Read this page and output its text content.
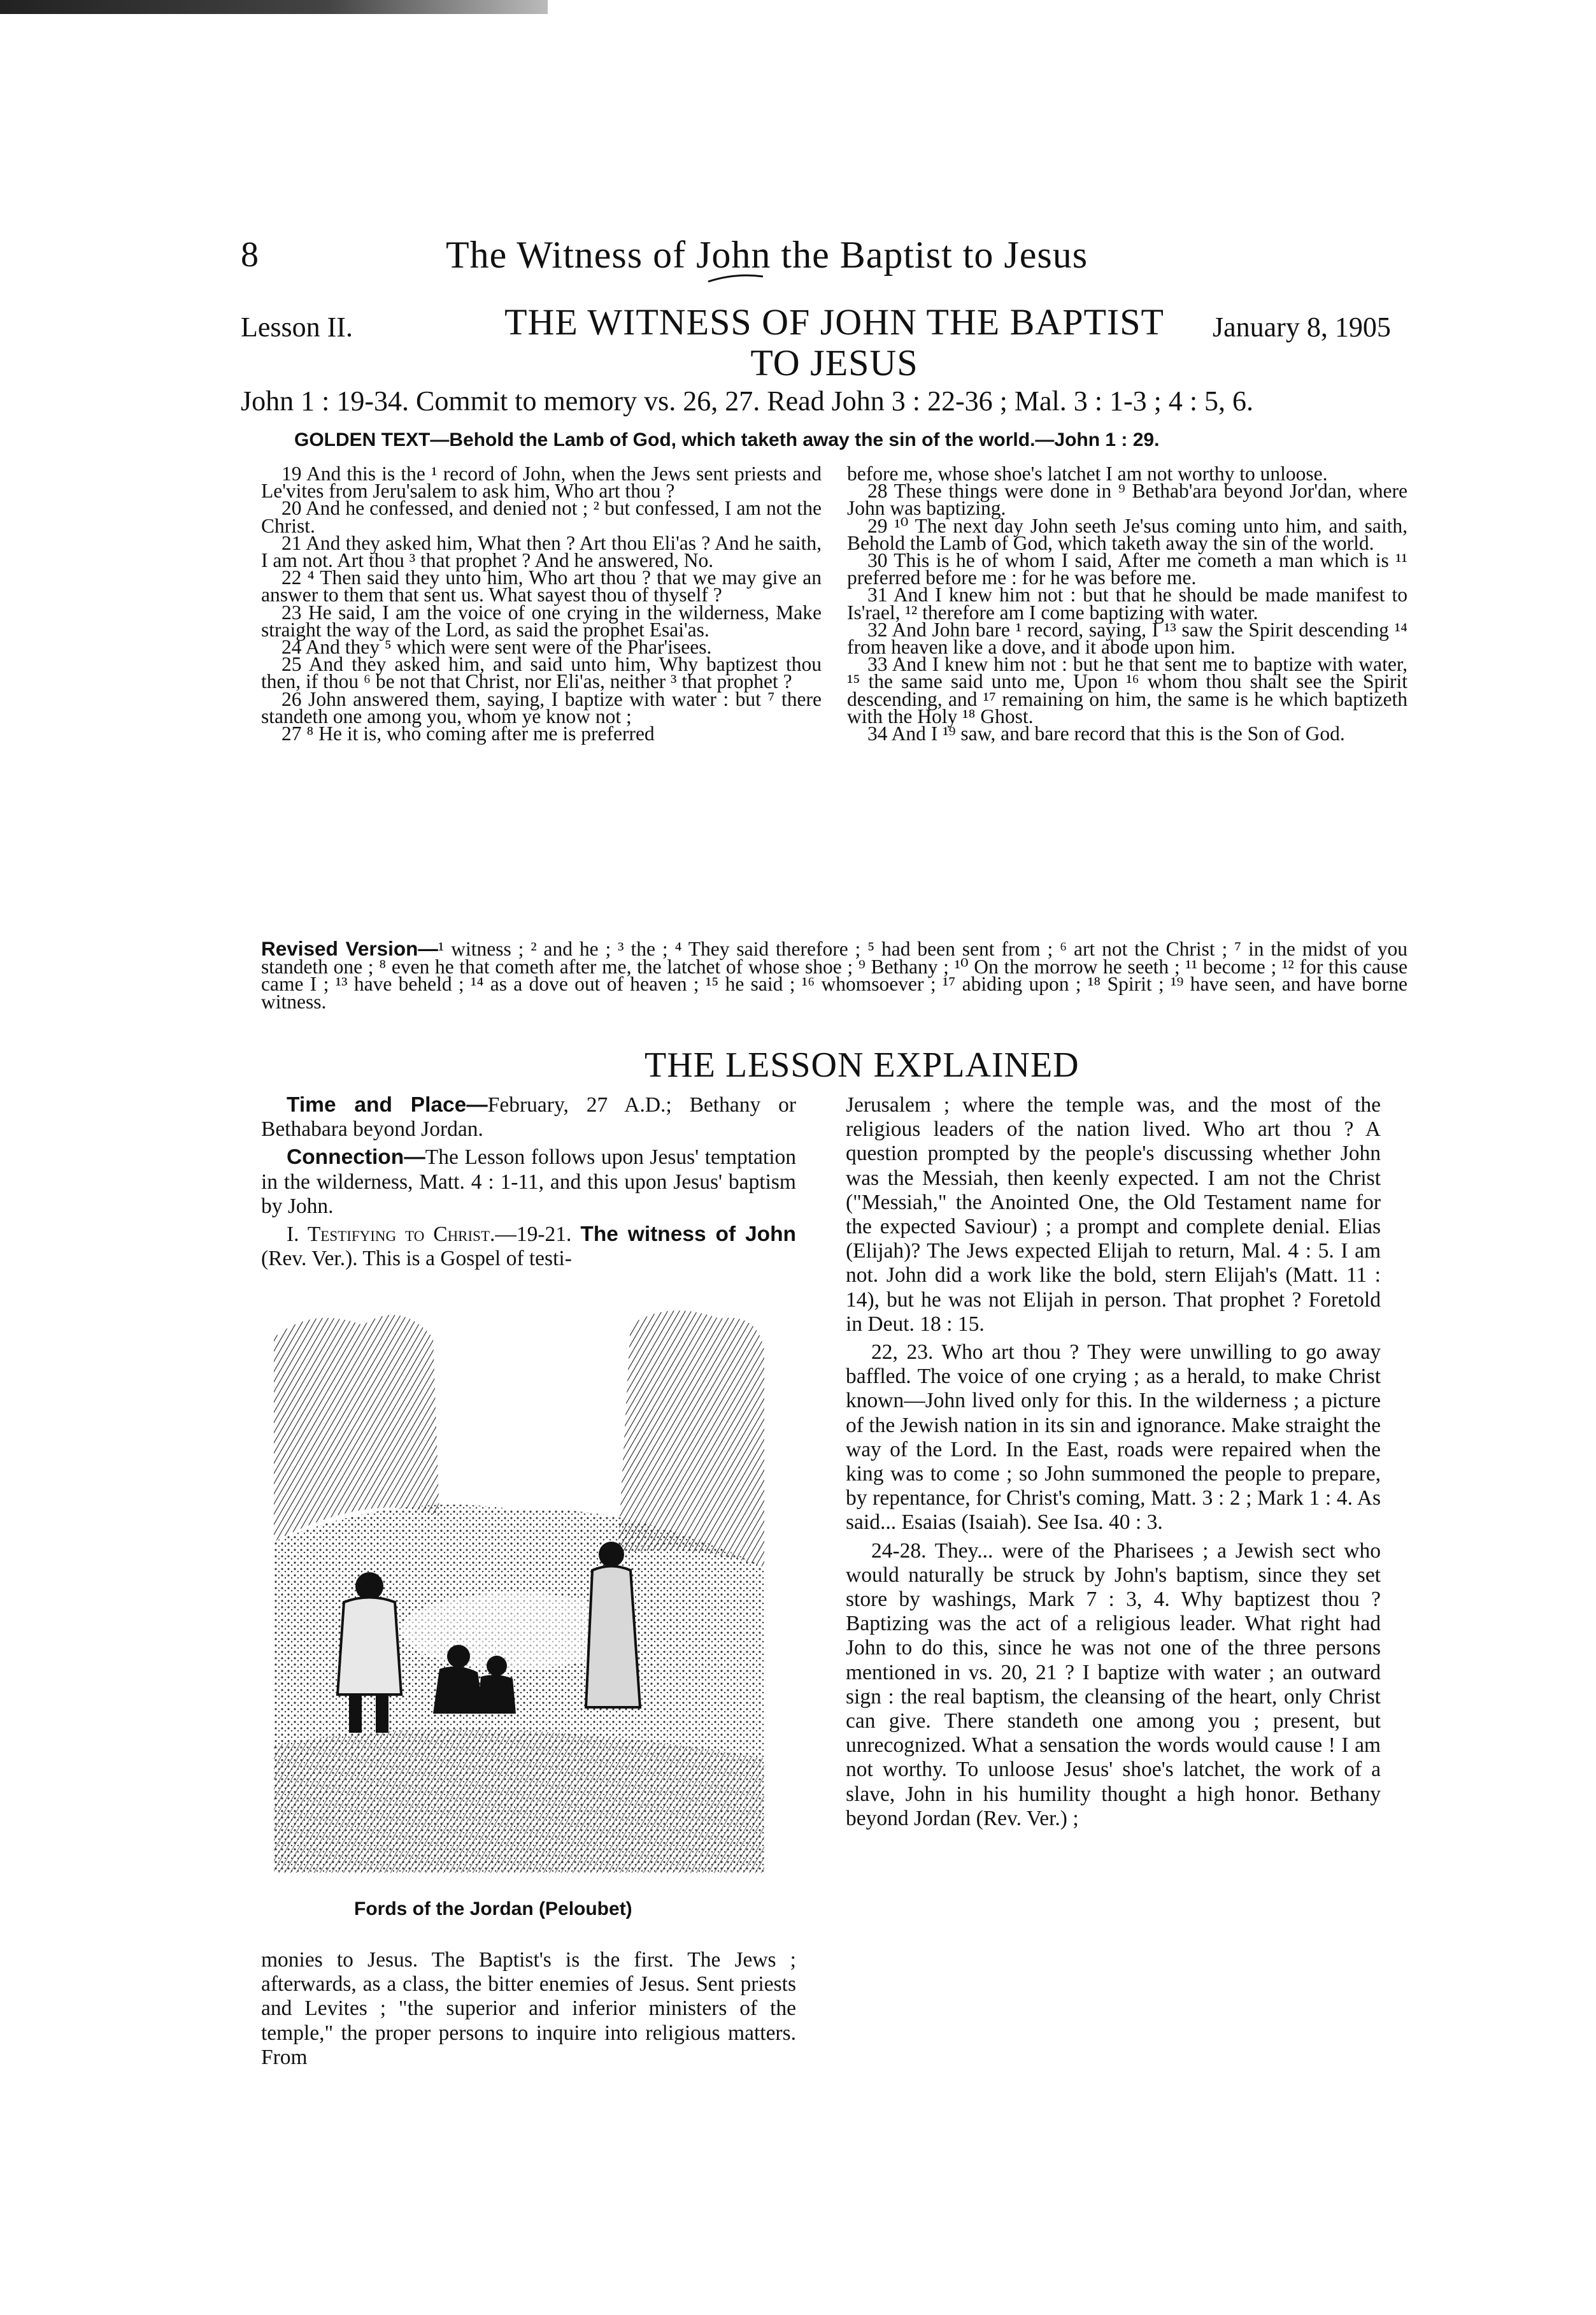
8	The Witness of John the Baptist to Jesus
Lesson II.	THE WITNESS OF JOHN THE BAPTIST TO JESUS
January 8, 1905
John 1 : 19-34. Commit to memory vs. 26, 27. Read John 3 : 22-36 ; Mal. 3 : 1-3 ; 4 : 5, 6.
GOLDEN TEXT—Behold the Lamb of God, which taketh away the sin of the world.—John 1 : 29.

19 And this is the ¹ record of John, when the Jews sent priests and Le'vites from Jeru'salem to ask him, Who art thou ?

20 And he confessed, and denied not ; ² but confessed, I am not the Christ.

21 And they asked him, What then ? Art thou Eli'as ? And he saith, I am not. Art thou ³ that prophet ? And he answered, No.

22 ⁴ Then said they unto him, Who art thou ? that we may give an answer to them that sent us. What sayest thou of thyself ?

23 He said, I am the voice of one crying in the wilderness, Make straight the way of the Lord, as said the prophet Esai'as.

24 And they ⁵ which were sent were of the Phar'isees.

25 And they asked him, and said unto him, Why baptizest thou then, if thou ⁶ be not that Christ, nor Eli'as, neither ³ that prophet ?

26 John answered them, saying, I baptize with water : but ⁷ there standeth one among you, whom ye know not ;

27 ⁸ He it is, who coming after me is preferred

before me, whose shoe's latchet I am not worthy to unloose.

28 These things were done in ⁹ Bethab'ara beyond Jor'dan, where John was baptizing.

29 ¹⁰ The next day John seeth Je'sus coming unto him, and saith, Behold the Lamb of God, which taketh away the sin of the world.

30 This is he of whom I said, After me cometh a man which is ¹¹ preferred before me : for he was before me.

31 And I knew him not : but that he should be made manifest to Is'rael, ¹² therefore am I come baptizing with water.

32 And John bare ¹ record, saying, I ¹³ saw the Spirit descending ¹⁴ from heaven like a dove, and it abode upon him.

33 And I knew him not : but he that sent me to baptize with water, ¹⁵ the same said unto me, Upon ¹⁶ whom thou shalt see the Spirit descending, and ¹⁷ remaining on him, the same is he which baptizeth with the Holy ¹⁸ Ghost.

34 And I ¹⁹ saw, and bare record that this is the Son of God.

Revised Version—¹ witness ; ² and he ; ³ the ; ⁴ They said therefore ; ⁵ had been sent from ; ⁶ art not the Christ ; ⁷ in the midst of you standeth one ; ⁸ even he that cometh after me, the latchet of whose shoe ; ⁹ Bethany ; ¹⁰ On the morrow he seeth ; ¹¹ become ; ¹² for this cause came I ; ¹³ have beheld ; ¹⁴ as a dove out of heaven ; ¹⁵ he said ; ¹⁶ whomsoever ; ¹⁷ abiding upon ; ¹⁸ Spirit ; ¹⁹ have seen, and have borne witness.
THE LESSON EXPLAINED

Time and Place—February, 27 A.D.; Bethany or Bethabara beyond Jordan.

Connection—The Lesson follows upon Jesus' temptation in the wilderness, Matt. 4 : 1-11, and this upon Jesus' baptism by John.

I. Testifying to Christ.—19-21. The witness of John (Rev. Ver.). This is a Gospel of testi-

Fords of the Jordan (Peloubet)

monies to Jesus. The Baptist's is the first. The Jews ; afterwards, as a class, the bitter enemies of Jesus. Sent priests and Levites ; "the superior and inferior ministers of the temple," the proper persons to inquire into religious matters. From

Jerusalem ; where the temple was, and the most of the religious leaders of the nation lived. Who art thou ? A question prompted by the people's discussing whether John was the Messiah, then keenly expected. I am not the Christ ("Messiah," the Anointed One, the Old Testament name for the expected Saviour) ; a prompt and complete denial. Elias (Elijah)? The Jews expected Elijah to return, Mal. 4 : 5. I am not. John did a work like the bold, stern Elijah's (Matt. 11 : 14), but he was not Elijah in person. That prophet ? Foretold in Deut. 18 : 15.

22, 23. Who art thou ? They were unwilling to go away baffled. The voice of one crying ; as a herald, to make Christ known—John lived only for this. In the wilderness ; a picture of the Jewish nation in its sin and ignorance. Make straight the way of the Lord. In the East, roads were repaired when the king was to come ; so John summoned the people to prepare, by repentance, for Christ's coming, Matt. 3 : 2 ; Mark 1 : 4. As said... Esaias (Isaiah). See Isa. 40 : 3.

24-28. They... were of the Pharisees ; a Jewish sect who would naturally be struck by John's baptism, since they set store by washings, Mark 7 : 3, 4. Why baptizest thou ? Baptizing was the act of a religious leader. What right had John to do this, since he was not one of the three persons mentioned in vs. 20, 21 ? I baptize with water ; an outward sign : the real baptism, the cleansing of the heart, only Christ can give. There standeth one among you ; present, but unrecognized. What a sensation the words would cause ! I am not worthy. To unloose Jesus' shoe's latchet, the work of a slave, John in his humility thought a high honor. Bethany beyond Jordan (Rev. Ver.) ;
